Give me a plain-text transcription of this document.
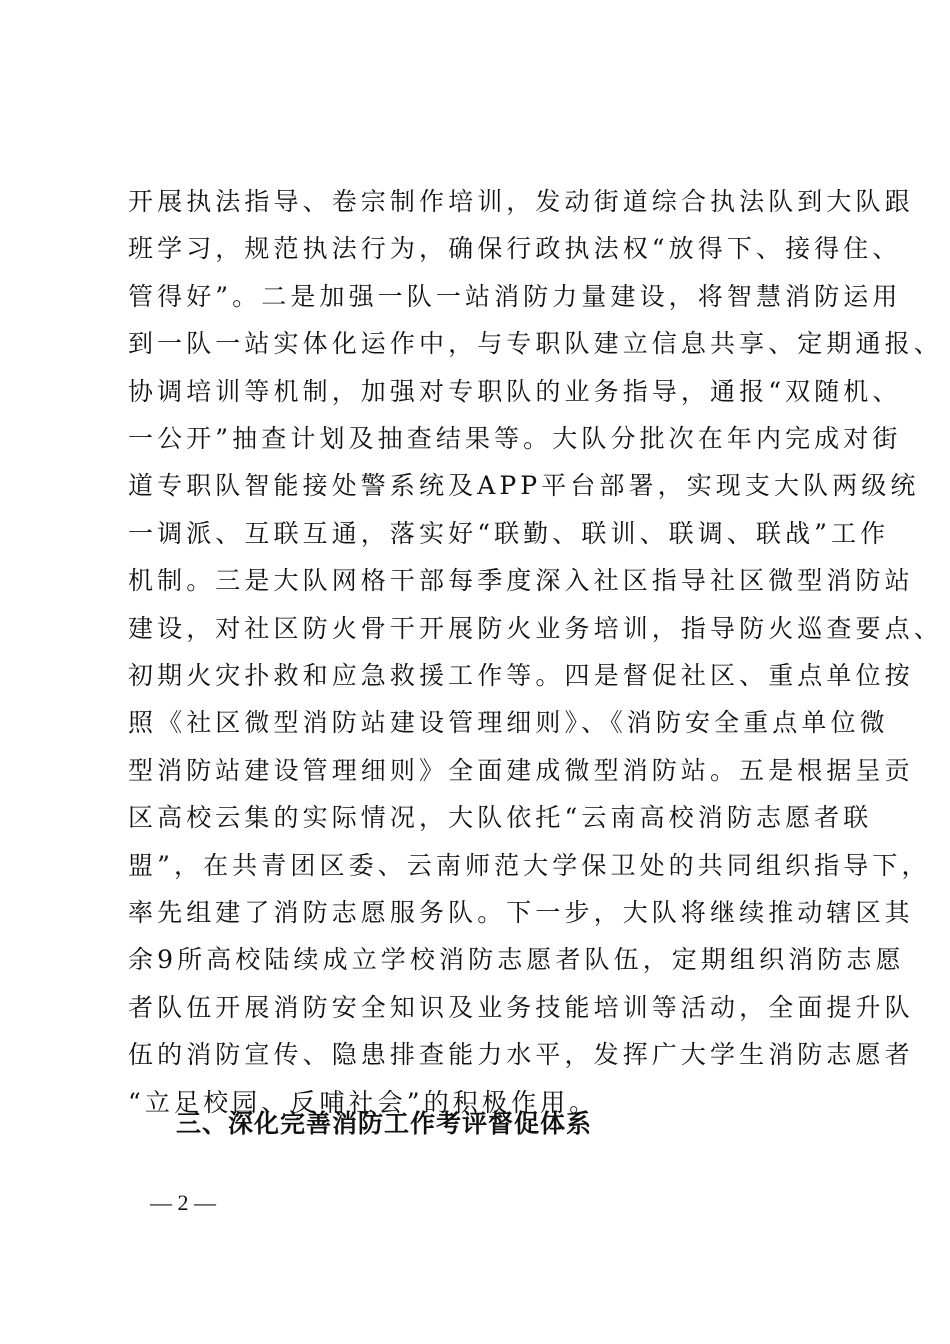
开展执法指导、卷宗制作培训，发动街道综合执法队到大队跟
班学习，规范执法行为，确保行政执法权“放得下、接得住、
管得好”。二是加强一队一站消防力量建设，将智慧消防运用
到一队一站实体化运作中，与专职队建立信息共享、定期通报、
协调培训等机制，加强对专职队的业务指导，通报“双随机、
一公开”抽查计划及抽查结果等。大队分批次在年内完成对街
道专职队智能接处警系统及APP平台部署，实现支大队两级统
一调派、互联互通，落实好“联勤、联训、联调、联战”工作
机制。三是大队网格干部每季度深入社区指导社区微型消防站
建设，对社区防火骨干开展防火业务培训，指导防火巡查要点、
初期火灾扑救和应急救援工作等。四是督促社区、重点单位按
照《社区微型消防站建设管理细则》、《消防安全重点单位微
型消防站建设管理细则》全面建成微型消防站。五是根据呈贡
区高校云集的实际情况，大队依托“云南高校消防志愿者联
盟”，在共青团区委、云南师范大学保卫处的共同组织指导下，
率先组建了消防志愿服务队。下一步，大队将继续推动辖区其
余9所高校陆续成立学校消防志愿者队伍，定期组织消防志愿
者队伍开展消防安全知识及业务技能培训等活动，全面提升队
伍的消防宣传、隐患排查能力水平，发挥广大学生消防志愿者
“立足校园、反哺社会”的积极作用。
三、深化完善消防工作考评督促体系
— 2 —
